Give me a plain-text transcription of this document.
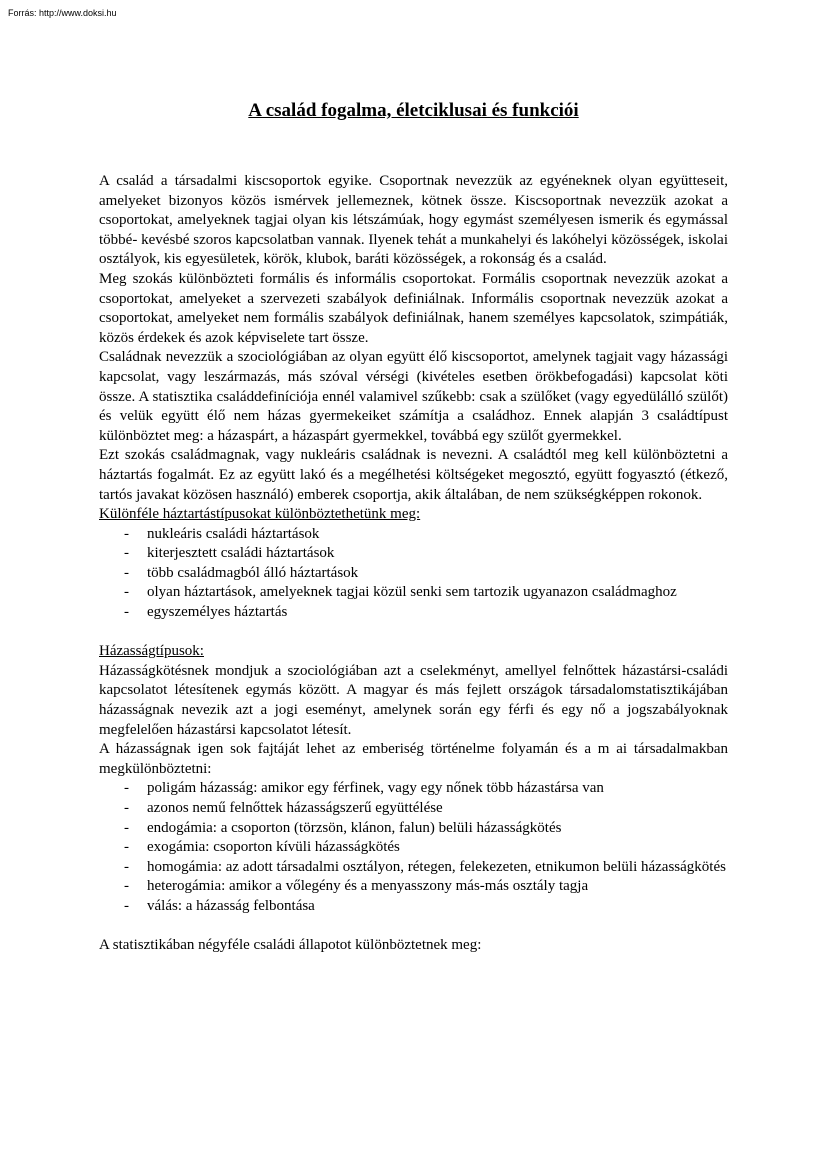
Forrás: http://www.doksi.hu
A család fogalma, életciklusai és funkciói

A család a társadalmi kiscsoportok egyike. Csoportnak nevezzük az egyéneknek olyan együtteseit, amelyeket bizonyos közös ismérvek jellemeznek, kötnek össze. Kiscsoportnak nevezzük azokat a csoportokat, amelyeknek tagjai olyan kis létszámúak, hogy egymást személyesen ismerik és egymással többé- kevésbé szoros kapcsolatban vannak. Ilyenek tehát a munkahelyi és lakóhelyi közösségek, iskolai osztályok, kis egyesületek, körök, klubok, baráti közösségek, a rokonság és a család.

Meg szokás különbözteti formális és informális csoportokat. Formális csoportnak nevezzük azokat a csoportokat, amelyeket a szervezeti szabályok definiálnak. Informális csoportnak nevezzük azokat a csoportokat, amelyeket nem formális szabályok definiálnak, hanem személyes kapcsolatok, szimpátiák, közös érdekek és azok képviselete tart össze.

Családnak nevezzük a szociológiában az olyan együtt élő kiscsoportot, amelynek tagjait vagy házassági kapcsolat, vagy leszármazás, más szóval vérségi (kivételes esetben örökbefogadási) kapcsolat köti össze. A statisztika családdefiníciója ennél valamivel szűkebb: csak a szülőket (vagy egyedülálló szülőt) és velük együtt élő nem házas gyermekeiket számítja a családhoz. Ennek alapján 3 családtípust különböztet meg: a házaspárt, a házaspárt gyermekkel, továbbá egy szülőt gyermekkel.

Ezt szokás családmagnak, vagy nukleáris családnak is nevezni. A családtól meg kell különböztetni a háztartás fogalmát. Ez az együtt lakó és a megélhetési költségeket megosztó, együtt fogyasztó (étkező, tartós javakat közösen használó) emberek csoportja, akik általában, de nem szükségképpen rokonok.

Különféle háztartástípusokat különböztethetünk meg:

- nukleáris családi háztartások
- kiterjesztett családi háztartások
- több családmagból álló háztartások
- olyan háztartások, amelyeknek tagjai közül senki sem tartozik ugyanazon családmaghoz
- egyszemélyes háztartás

Házasságtípusok:

Házasságkötésnek mondjuk a szociológiában azt a cselekményt, amellyel felnőttek házastársi-családi kapcsolatot létesítenek egymás között. A magyar és más fejlett országok társadalomstatisztikájában házasságnak nevezik azt a jogi eseményt, amelynek során egy férfi és egy nő a jogszabályoknak megfelelően házastársi kapcsolatot létesít.

A házasságnak igen sok fajtáját lehet az emberiség történelme folyamán és a m ai társadalmakban megkülönböztetni:

- poligám házasság: amikor egy férfinek, vagy egy nőnek több házastársa van
- azonos nemű felnőttek házasságszerű együttélése
- endogámia: a csoporton (törzsön, klánon, falun) belüli házasságkötés
- exogámia: csoporton kívüli házasságkötés
- homogámia: az adott társadalmi osztályon, rétegen, felekezeten, etnikumon belüli házasságkötés
- heterogámia: amikor a vőlegény és a menyasszony más-más osztály tagja
- válás: a házasság felbontása

A statisztikában négyféle családi állapotot különböztetnek meg:
